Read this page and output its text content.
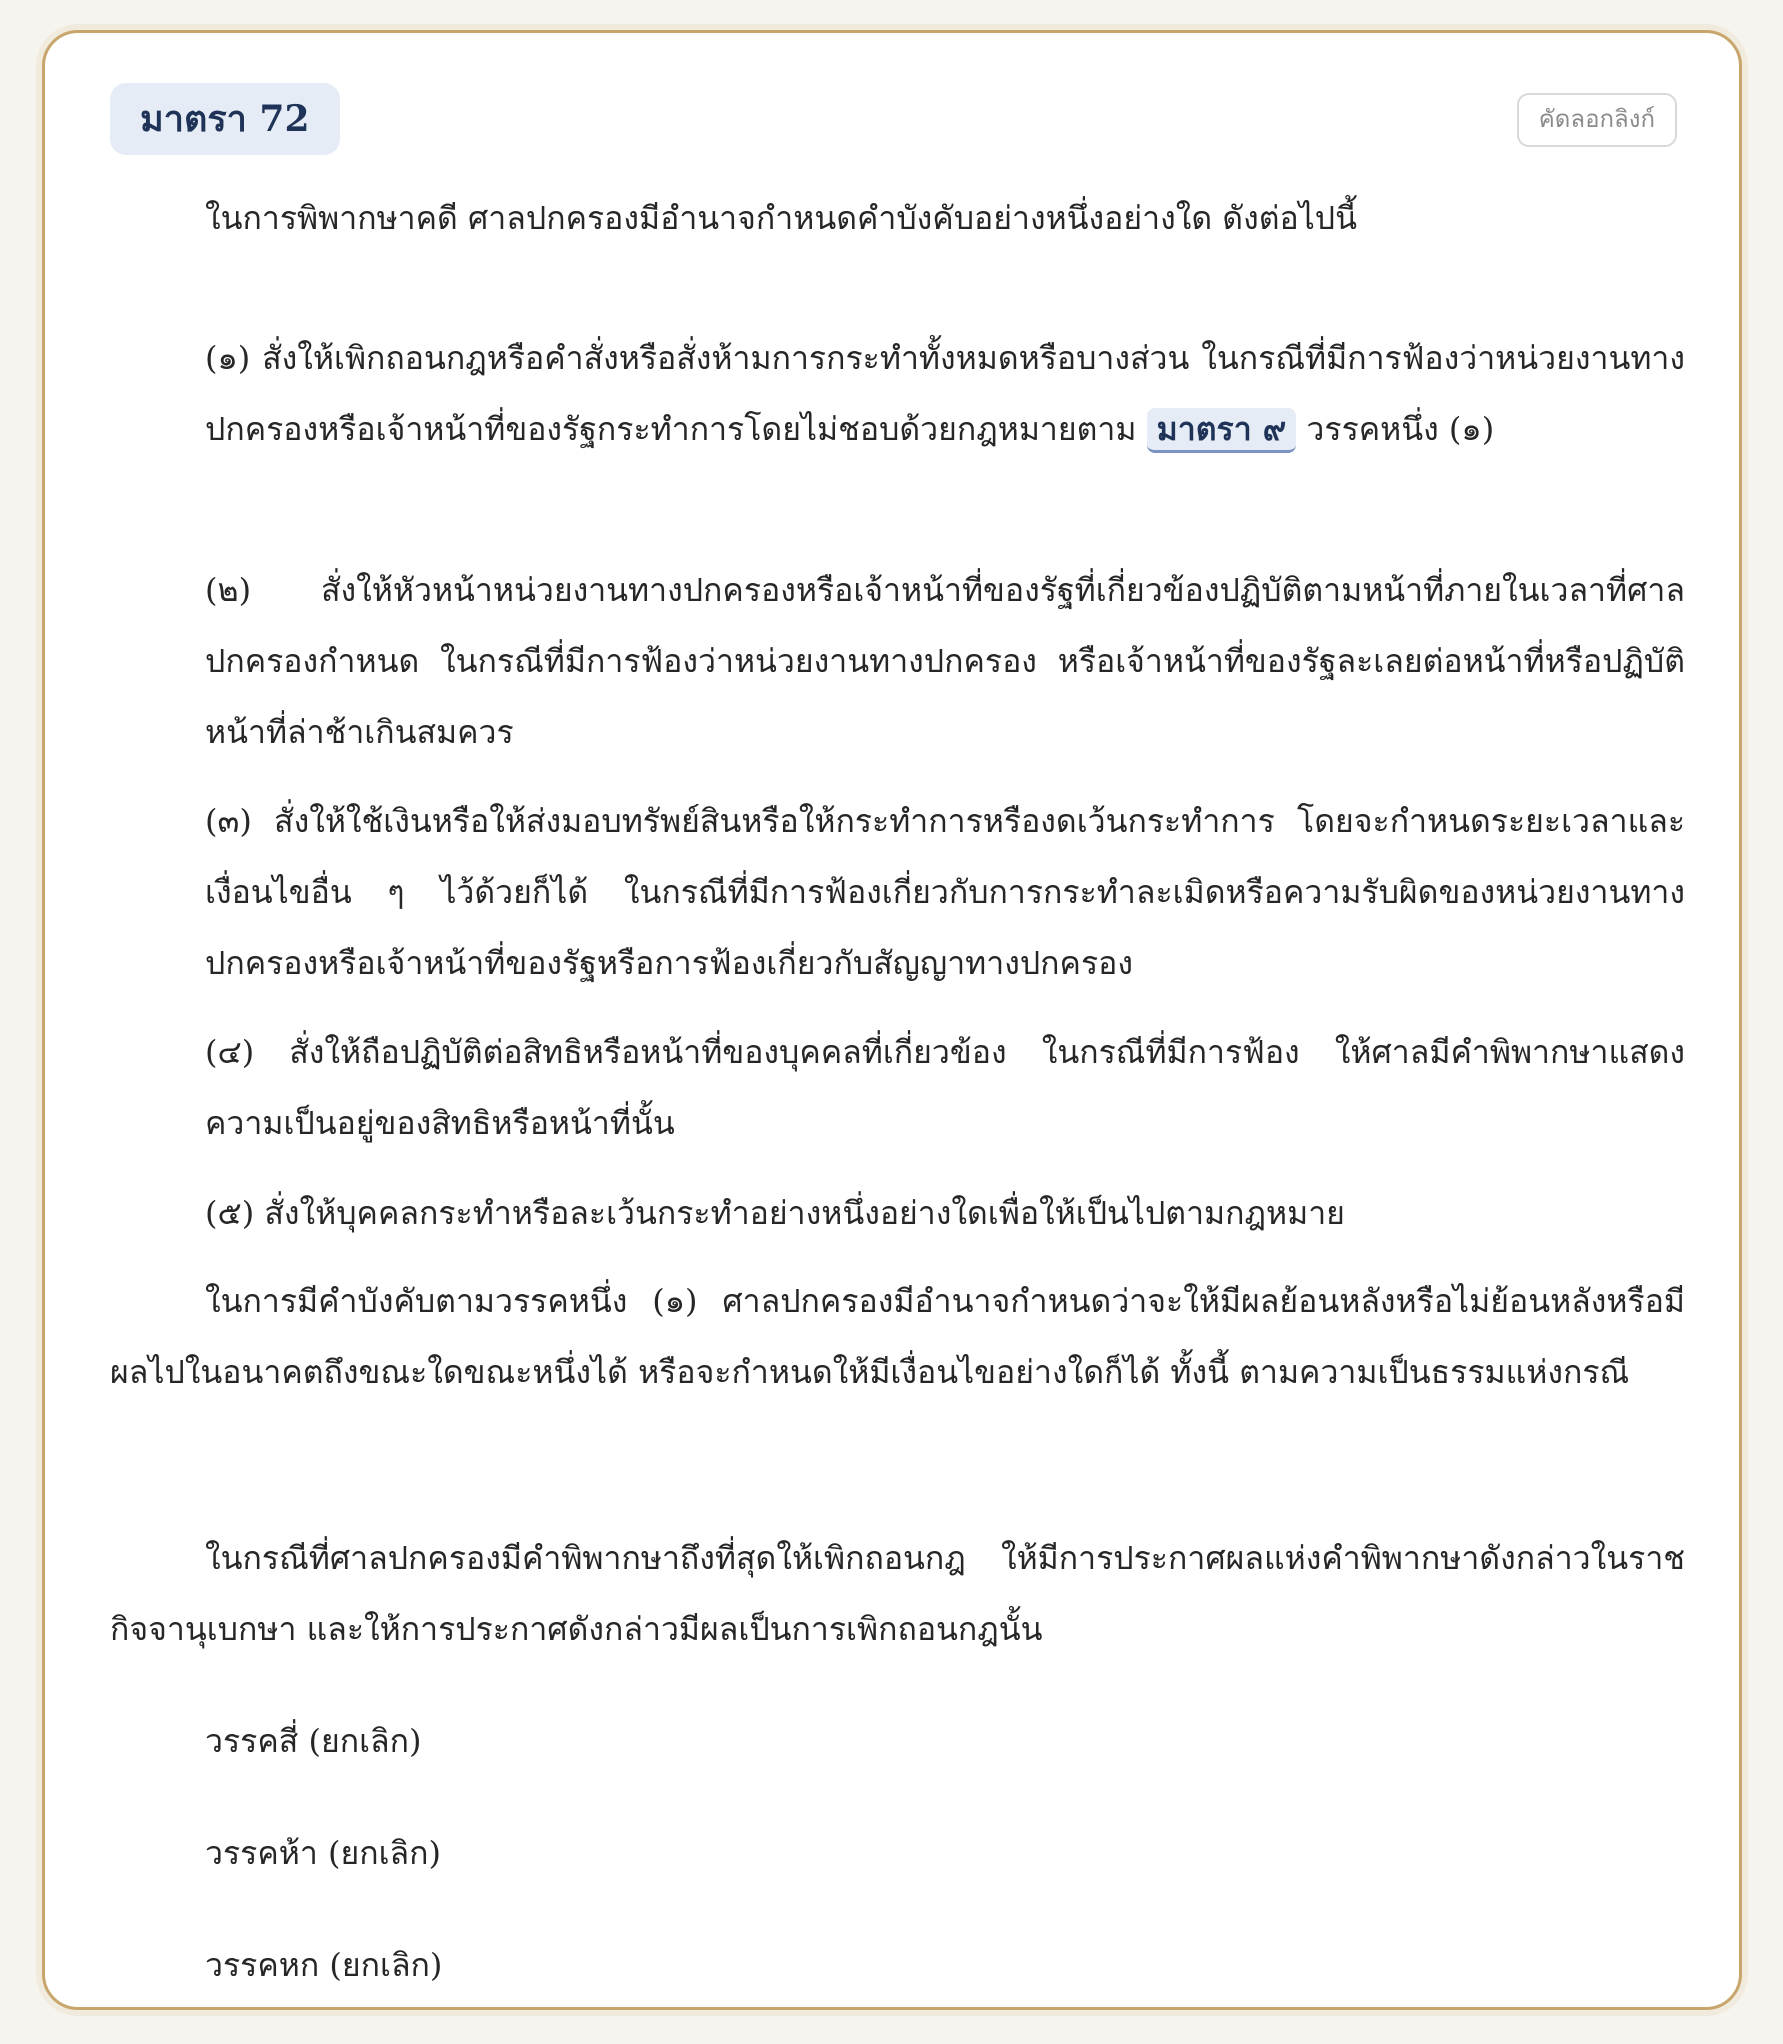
มาตรา 72	คัดลอกลิงก์
ในการพิพากษาคดี ศาลปกครองมีอำนาจกำหนดคำบังคับอย่างหนึ่งอย่างใด ดังต่อไปนี้
(๑) สั่งให้เพิกถอนกฎหรือคำสั่งหรือสั่งห้ามการกระทำทั้งหมดหรือบางส่วน ในกรณีที่มีการฟ้องว่าหน่วยงานทางปกครองหรือเจ้าหน้าที่ของรัฐกระทำการโดยไม่ชอบด้วยกฎหมายตาม มาตรา ๙ วรรคหนึ่ง (๑)
(๒) สั่งให้หัวหน้าหน่วยงานทางปกครองหรือเจ้าหน้าที่ของรัฐที่เกี่ยวข้องปฏิบัติตามหน้าที่ภายในเวลาที่ศาลปกครองกำหนด ในกรณีที่มีการฟ้องว่าหน่วยงานทางปกครอง หรือเจ้าหน้าที่ของรัฐละเลยต่อหน้าที่หรือปฏิบัติหน้าที่ล่าช้าเกินสมควร
(๓) สั่งให้ใช้เงินหรือให้ส่งมอบทรัพย์สินหรือให้กระทำการหรืองดเว้นกระทำการ โดยจะกำหนดระยะเวลาและเงื่อนไขอื่น ๆ ไว้ด้วยก็ได้ ในกรณีที่มีการฟ้องเกี่ยวกับการกระทำละเมิดหรือความรับผิดของหน่วยงานทางปกครองหรือเจ้าหน้าที่ของรัฐหรือการฟ้องเกี่ยวกับสัญญาทางปกครอง
(๔) สั่งให้ถือปฏิบัติต่อสิทธิหรือหน้าที่ของบุคคลที่เกี่ยวข้อง ในกรณีที่มีการฟ้อง ให้ศาลมีคำพิพากษาแสดงความเป็นอยู่ของสิทธิหรือหน้าที่นั้น
(๕) สั่งให้บุคคลกระทำหรือละเว้นกระทำอย่างหนึ่งอย่างใดเพื่อให้เป็นไปตามกฎหมาย
ในการมีคำบังคับตามวรรคหนึ่ง (๑) ศาลปกครองมีอำนาจกำหนดว่าจะให้มีผลย้อนหลังหรือไม่ย้อนหลังหรือมีผลไปในอนาคตถึงขณะใดขณะหนึ่งได้ หรือจะกำหนดให้มีเงื่อนไขอย่างใดก็ได้ ทั้งนี้ ตามความเป็นธรรมแห่งกรณี
ในกรณีที่ศาลปกครองมีคำพิพากษาถึงที่สุดให้เพิกถอนกฎ ให้มีการประกาศผลแห่งคำพิพากษาดังกล่าวในราชกิจจานุเบกษา และให้การประกาศดังกล่าวมีผลเป็นการเพิกถอนกฎนั้น
วรรคสี่ (ยกเลิก)
วรรคห้า (ยกเลิก)
วรรคหก (ยกเลิก)
